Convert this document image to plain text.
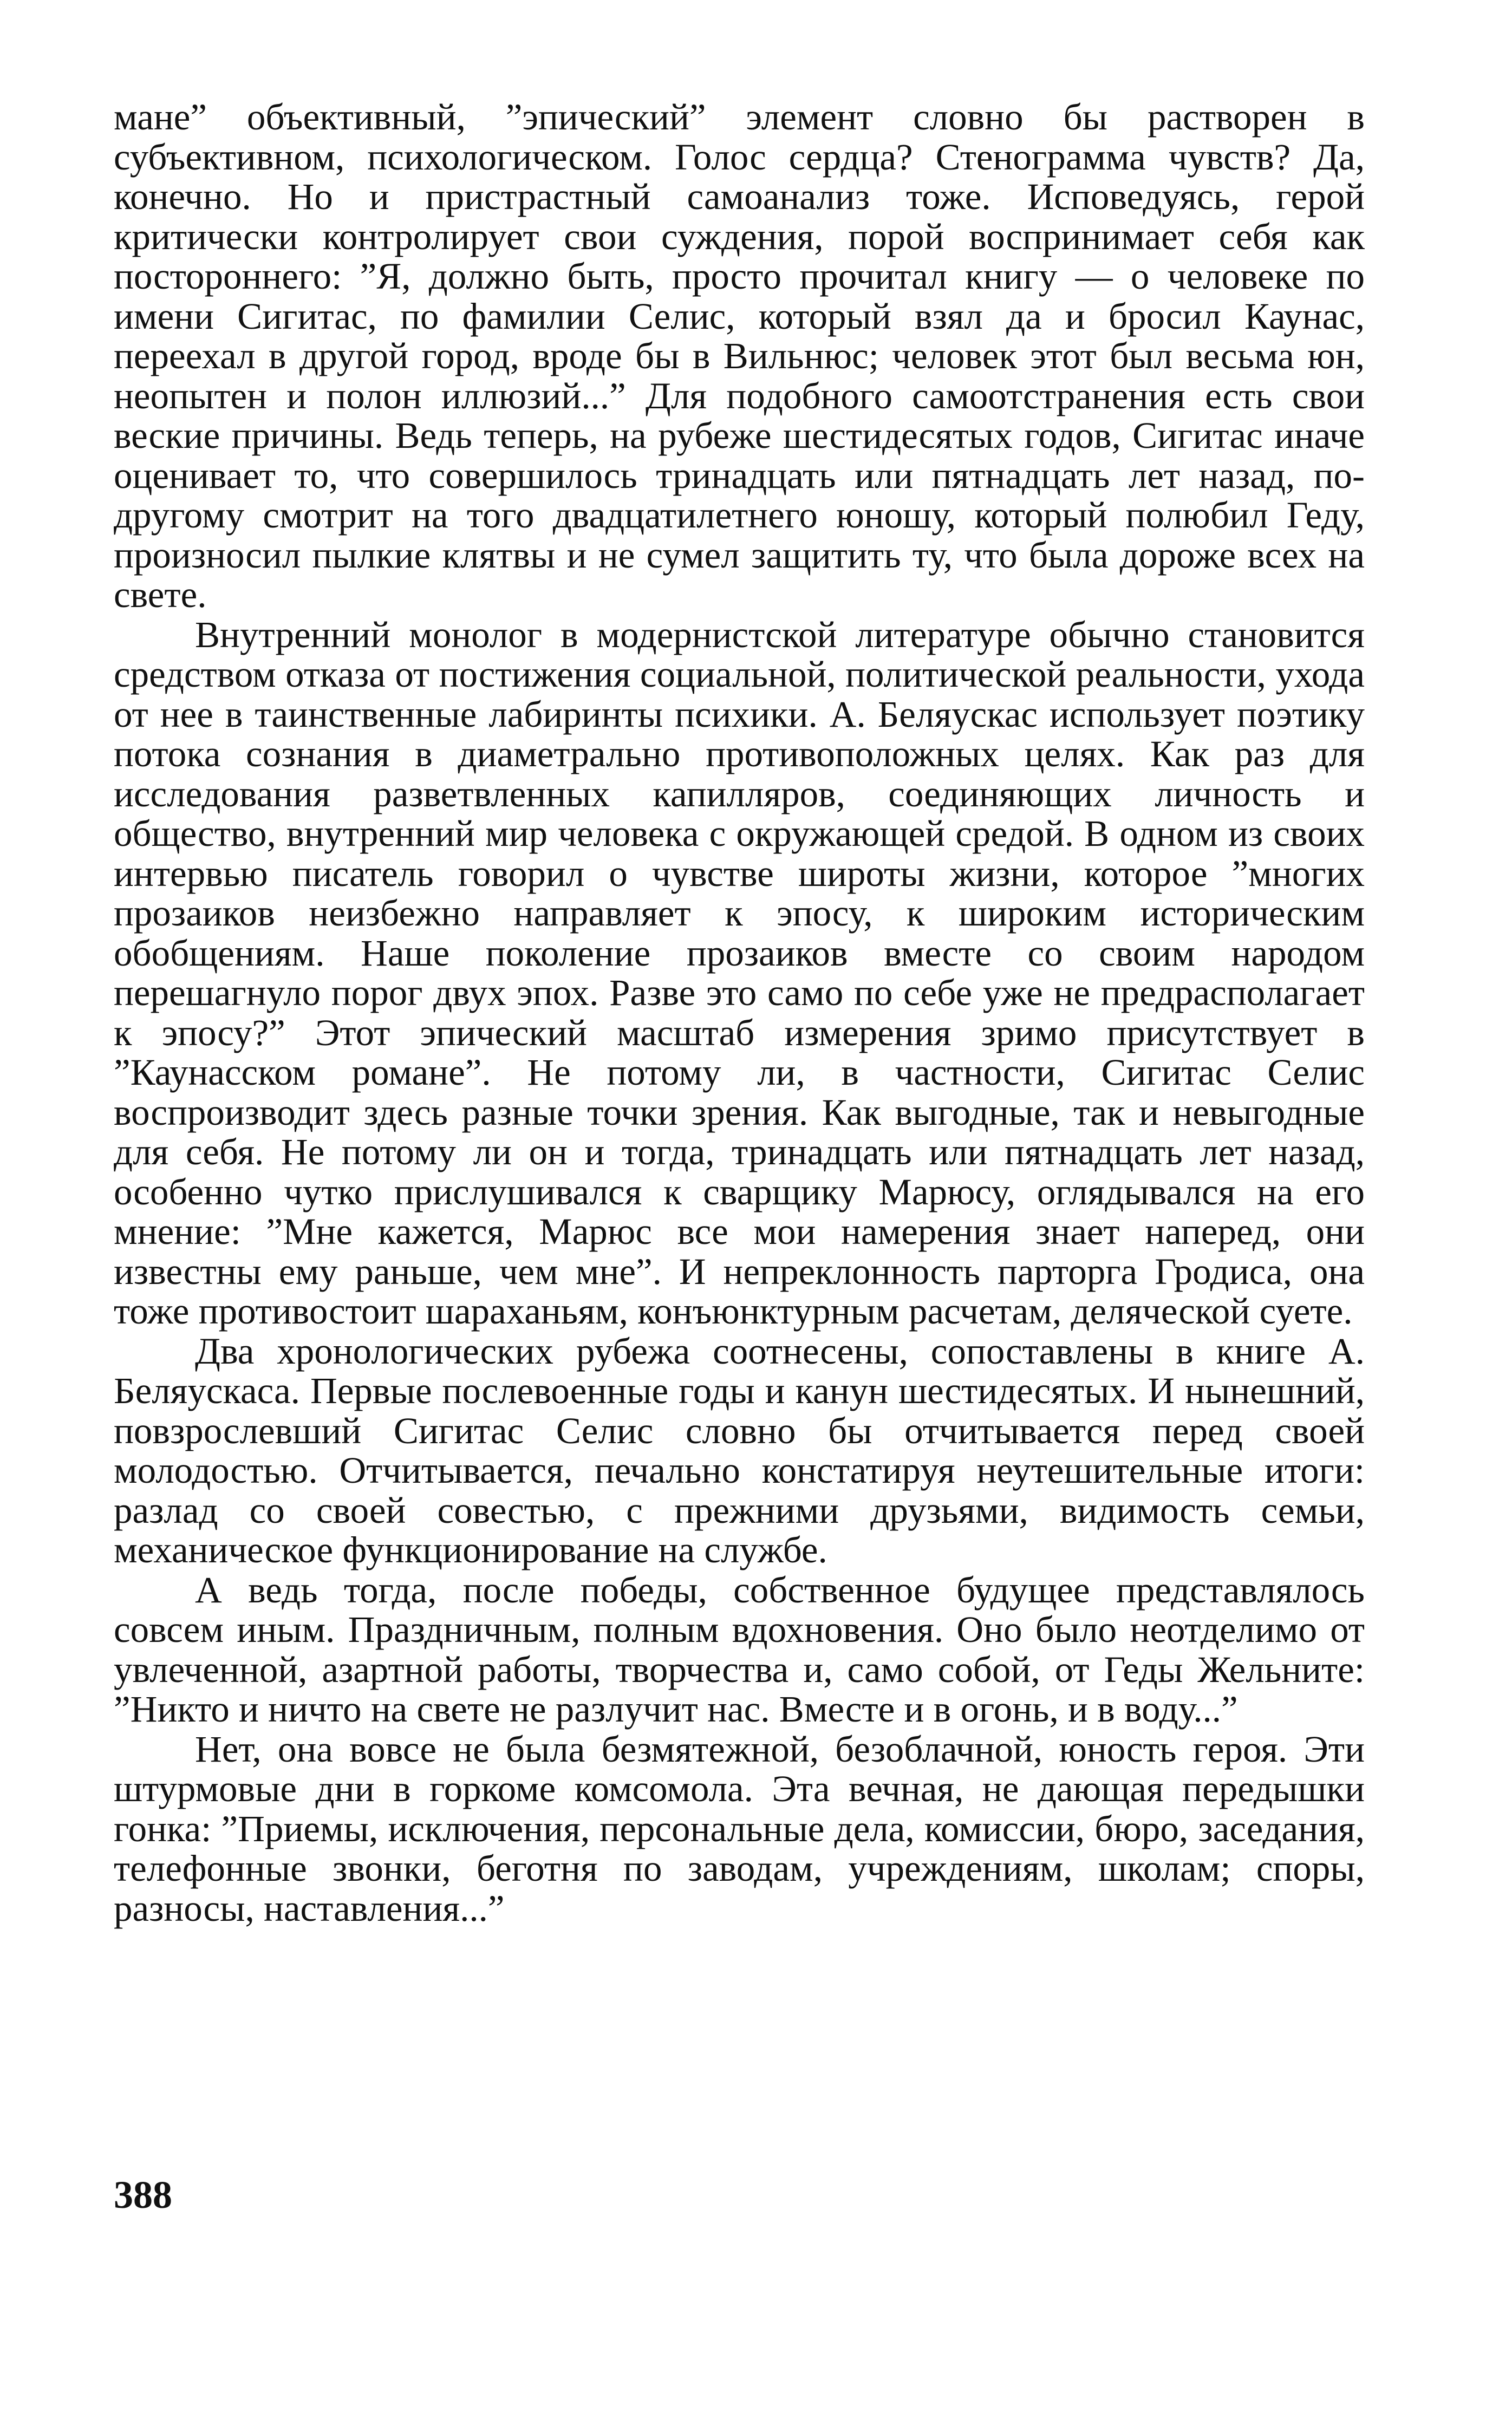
мане” объективный, ”эпический” элемент словно бы растворен в субъективном, психологическом. Голос сердца? Стенограмма чувств? Да, конечно. Но и пристрастный самоанализ тоже. Исповедуясь, герой критически контролирует свои суждения, порой воспринимает себя как постороннего: ”Я, должно быть, просто прочитал книгу — о человеке по имени Сигитас, по фамилии Селис, который взял да и бросил Каунас, переехал в другой город, вроде бы в Вильнюс; человек этот был весьма юн, неопытен и полон иллюзий...” Для подобного самоотстранения есть свои веские причины. Ведь теперь, на рубеже шестидесятых годов, Сигитас иначе оценивает то, что совершилось тринадцать или пятнадцать лет назад, по-другому смотрит на того двадцатилетнего юношу, который полюбил Геду, произносил пылкие клятвы и не сумел защитить ту, что была дороже всех на свете.

Внутренний монолог в модернистской литературе обычно становится средством отказа от постижения социальной, политической реальности, ухода от нее в таинственные лабиринты психики. А. Беляускас использует поэтику потока сознания в диаметрально противоположных целях. Как раз для исследования разветвленных капилляров, соединяющих личность и общество, внутренний мир человека с окружающей средой. В одном из своих интервью писатель говорил о чувстве широты жизни, которое ”многих прозаиков неизбежно направляет к эпосу, к широким историческим обобщениям. Наше поколение прозаиков вместе со своим народом перешагнуло порог двух эпох. Разве это само по себе уже не предрасполагает к эпосу?” Этот эпический масштаб измерения зримо присутствует в ”Каунасском романе”. Не потому ли, в частности, Сигитас Селис воспроизводит здесь разные точки зрения. Как выгодные, так и невыгодные для себя. Не потому ли он и тогда, тринадцать или пятнадцать лет назад, особенно чутко прислушивался к сварщику Марюсу, оглядывался на его мнение: ”Мне кажется, Марюс все мои намерения знает наперед, они известны ему раньше, чем мне”. И непреклонность парторга Гродиса, она тоже противостоит шараханьям, конъюнктурным расчетам, деляческой суете.

Два хронологических рубежа соотнесены, сопоставлены в книге А. Беляускаса. Первые послевоенные годы и канун шестидесятых. И нынешний, повзрослевший Сигитас Селис словно бы отчитывается перед своей молодостью. Отчитывается, печально констатируя неутешительные итоги: разлад со своей совестью, с прежними друзьями, видимость семьи, механическое функционирование на службе.

А ведь тогда, после победы, собственное будущее представлялось совсем иным. Праздничным, полным вдохновения. Оно было неотделимо от увлеченной, азартной работы, творчества и, само собой, от Геды Жельните: ”Никто и ничто на свете не разлучит нас. Вместе и в огонь, и в воду...”

Нет, она вовсе не была безмятежной, безоблачной, юность героя. Эти штурмовые дни в горкоме комсомола. Эта вечная, не дающая передышки гонка: ”Приемы, исключения, персональные дела, комиссии, бюро, заседания, телефонные звонки, беготня по заводам, учреждениям, школам; споры, разносы, наставления...”

388
